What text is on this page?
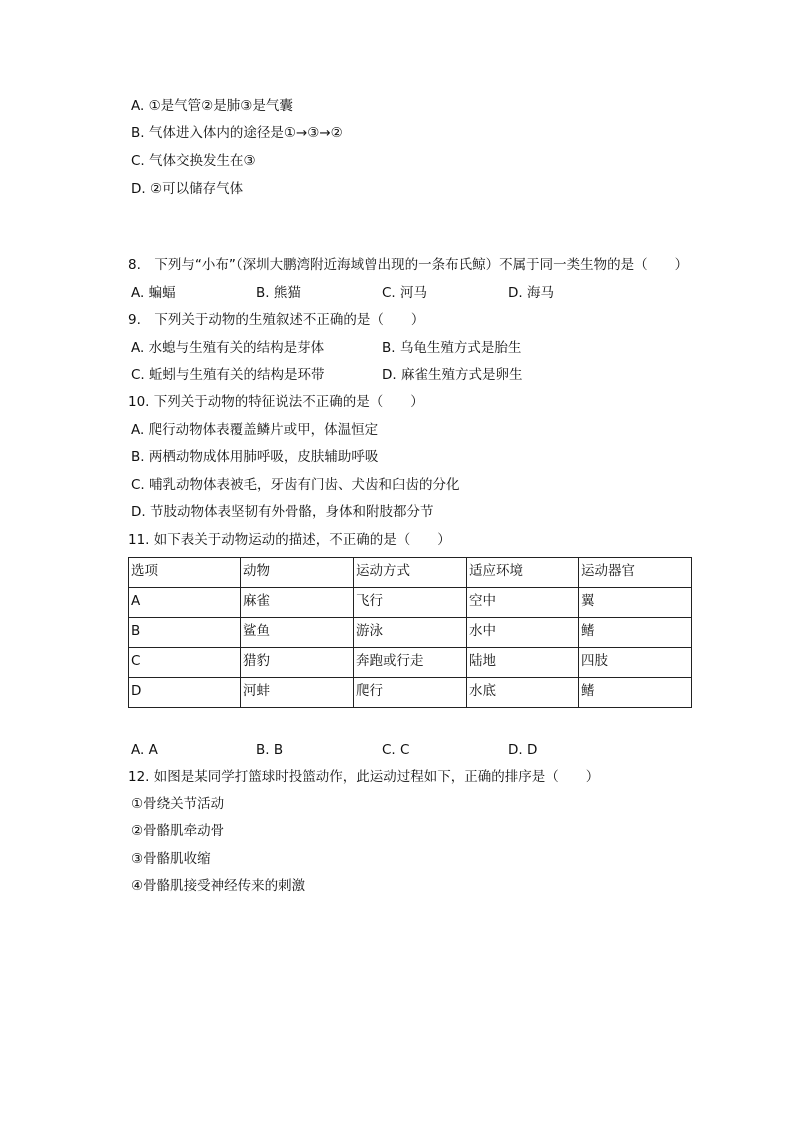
A. ①是气管②是肺③是气囊
B. 气体进入体内的途径是①→③→②
C. 气体交换发生在③
D. ②可以储存气体
8.　下列与“小布”（深圳大鹏湾附近海域曾出现的一条布氏鲸）不属于同一类生物的是（　　）
A. 蝙蝠	B. 熊猫	C. 河马	D. 海马
9.　下列关于动物的生殖叙述不正确的是（　　）
A. 水螅与生殖有关的结构是芽体	B. 乌龟生殖方式是胎生
C. 蚯蚓与生殖有关的结构是环带	D. 麻雀生殖方式是卵生
10. 下列关于动物的特征说法不正确的是（　　）
A. 爬行动物体表覆盖鳞片或甲，体温恒定
B. 两栖动物成体用肺呼吸，皮肤辅助呼吸
C. 哺乳动物体表被毛，牙齿有门齿、犬齿和臼齿的分化
D. 节肢动物体表坚韧有外骨骼，身体和附肢都分节
11. 如下表关于动物运动的描述，不正确的是（　　）
选项	动物	运动方式	适应环境	运动器官
A	麻雀	飞行	空中	翼
B	鲨鱼	游泳	水中	鳍
C	猎豹	奔跑或行走	陆地	四肢
D	河蚌	爬行	水底	鳍
A. A	B. B	C. C	D. D
12. 如图是某同学打篮球时投篮动作，此运动过程如下，正确的排序是（　　）
①骨绕关节活动
②骨骼肌牵动骨
③骨骼肌收缩
④骨骼肌接受神经传来的刺激
